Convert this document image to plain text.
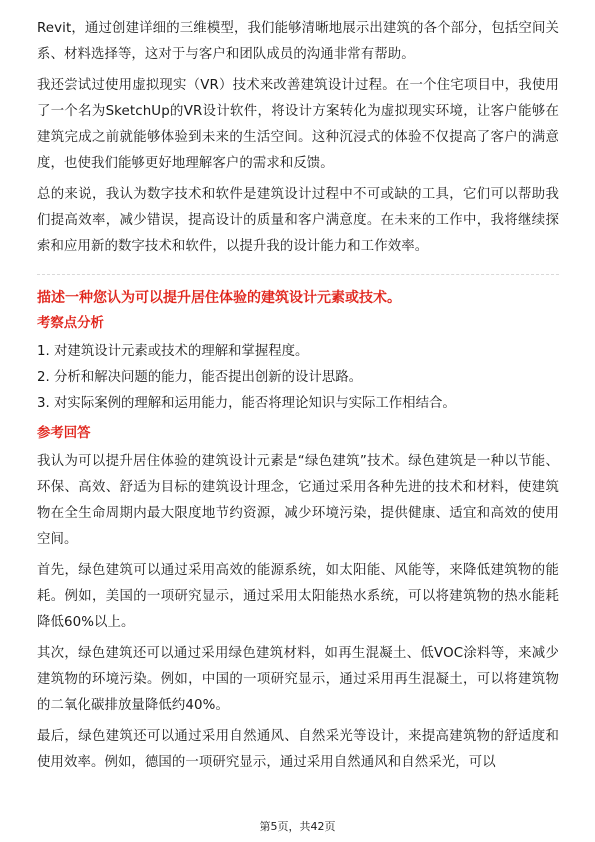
Revit，通过创建详细的三维模型，我们能够清晰地展示出建筑的各个部分，包括空间关系、材料选择等，这对于与客户和团队成员的沟通非常有帮助。

我还尝试过使用虚拟现实（VR）技术来改善建筑设计过程。在一个住宅项目中，我使用了一个名为SketchUp的VR设计软件，将设计方案转化为虚拟现实环境，让客户能够在建筑完成之前就能够体验到未来的生活空间。这种沉浸式的体验不仅提高了客户的满意度，也使我们能够更好地理解客户的需求和反馈。

总的来说，我认为数字技术和软件是建筑设计过程中不可或缺的工具，它们可以帮助我们提高效率，减少错误，提高设计的质量和客户满意度。在未来的工作中，我将继续探索和应用新的数字技术和软件，以提升我的设计能力和工作效率。

描述一种您认为可以提升居住体验的建筑设计元素或技术。
考察点分析
1. 对建筑设计元素或技术的理解和掌握程度。
2. 分析和解决问题的能力，能否提出创新的设计思路。
3. 对实际案例的理解和运用能力，能否将理论知识与实际工作相结合。
参考回答

我认为可以提升居住体验的建筑设计元素是“绿色建筑”技术。绿色建筑是一种以节能、环保、高效、舒适为目标的建筑设计理念，它通过采用各种先进的技术和材料，使建筑物在全生命周期内最大限度地节约资源，减少环境污染，提供健康、适宜和高效的使用空间。

首先，绿色建筑可以通过采用高效的能源系统，如太阳能、风能等，来降低建筑物的能耗。例如，美国的一项研究显示，通过采用太阳能热水系统，可以将建筑物的热水能耗降低60%以上。

其次，绿色建筑还可以通过采用绿色建筑材料，如再生混凝土、低VOC涂料等，来减少建筑物的环境污染。例如，中国的一项研究显示，通过采用再生混凝土，可以将建筑物的二氧化碳排放量降低约40%。

最后，绿色建筑还可以通过采用自然通风、自然采光等设计，来提高建筑物的舒适度和使用效率。例如，德国的一项研究显示，通过采用自然通风和自然采光，可以

第5页，共42页
